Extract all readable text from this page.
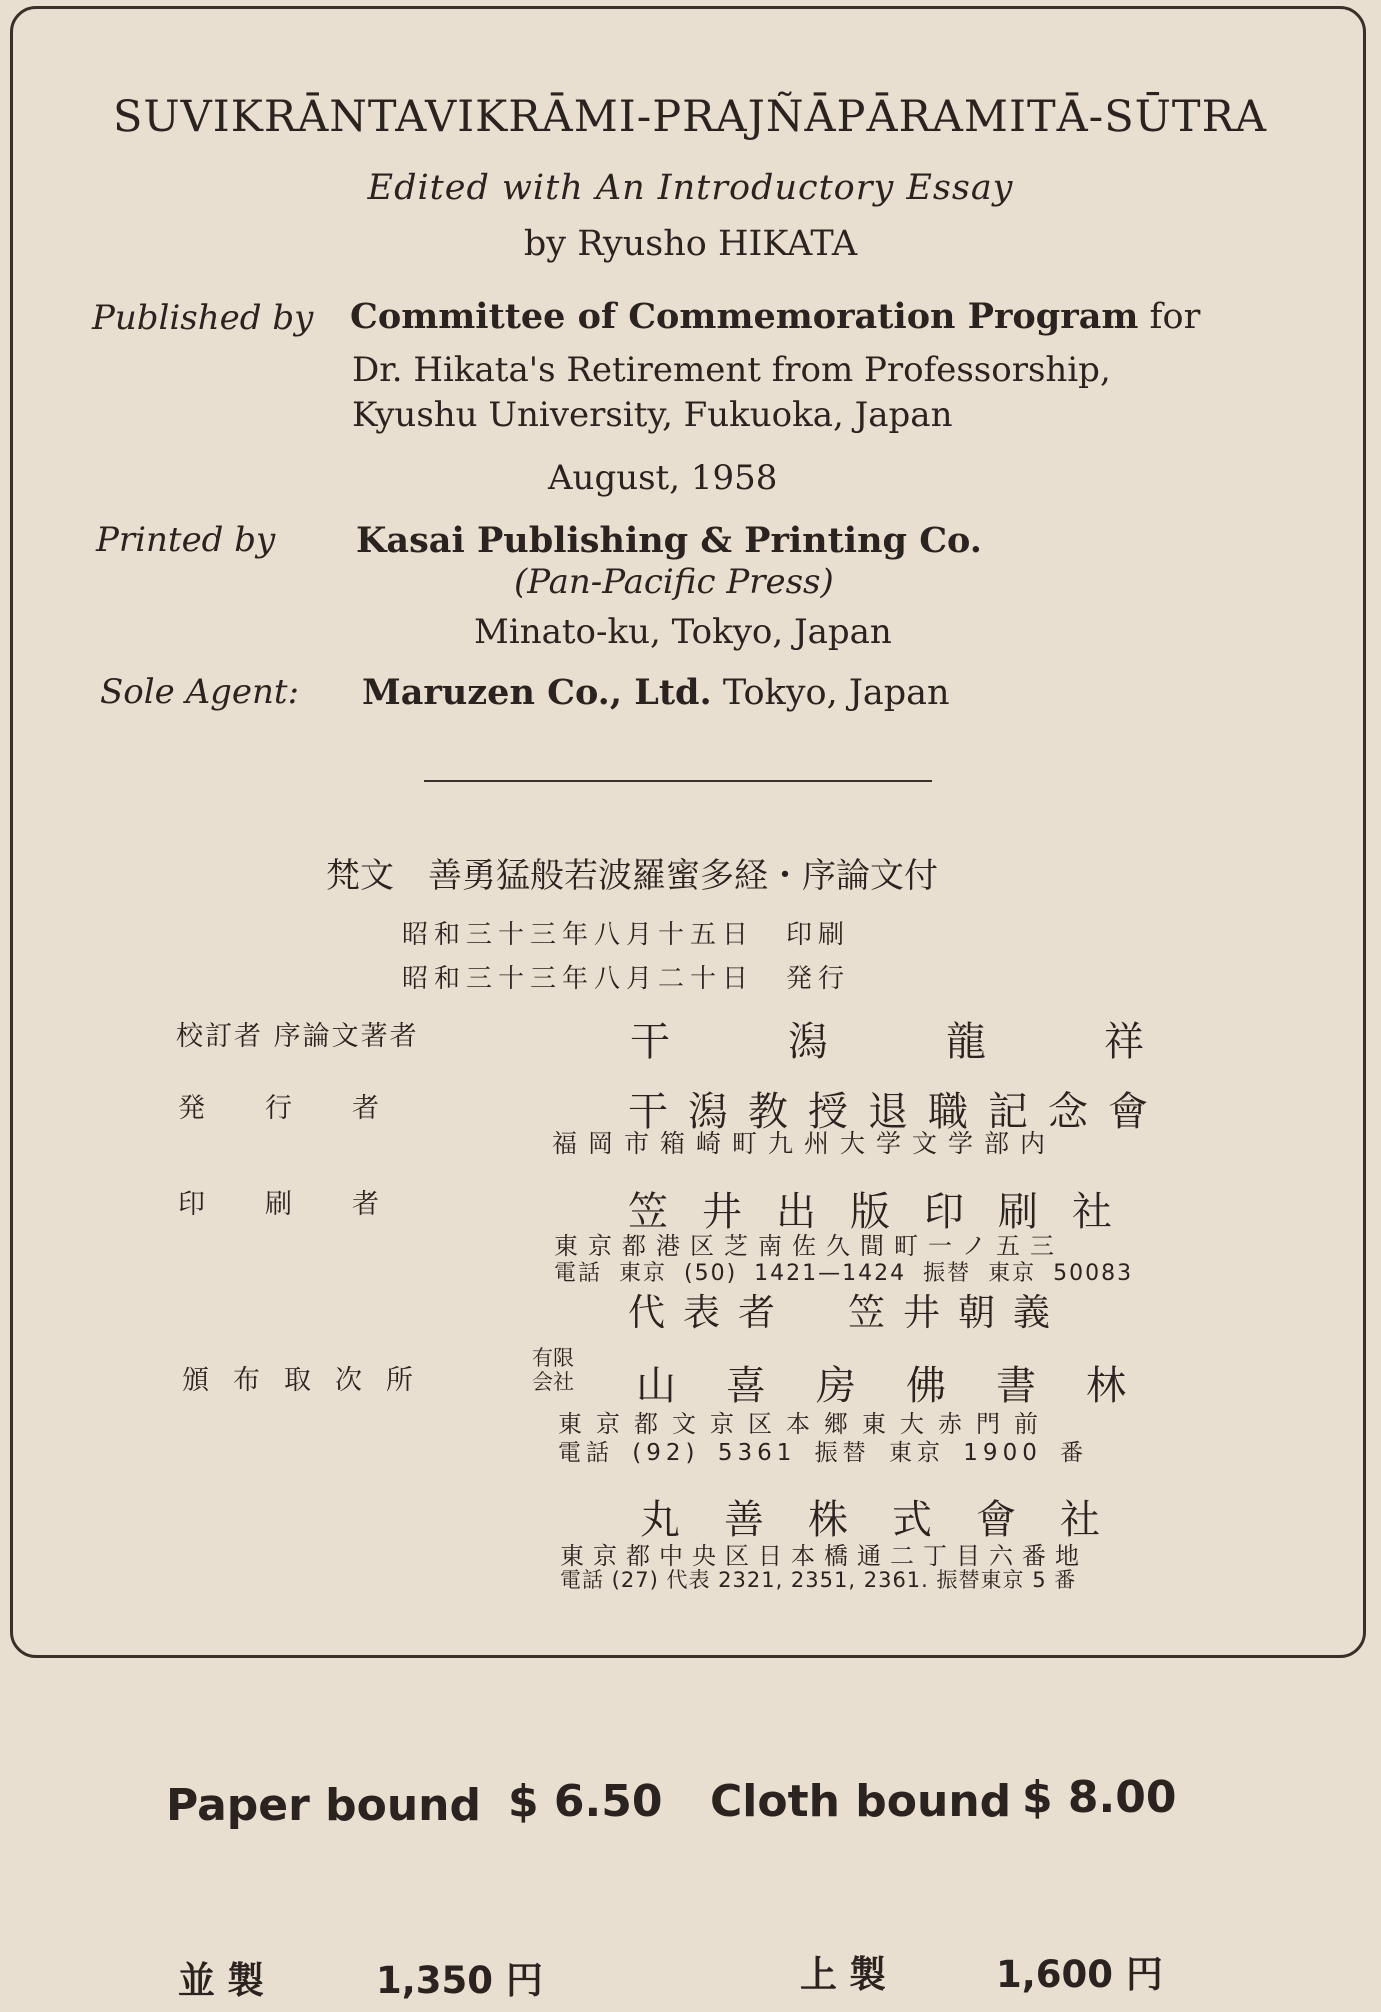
SUVIKRĀNTAVIKRĀMI-PRAJÑĀPĀRAMITĀ-SŪTRA
Edited with An Introductory Essay
by Ryusho HIKATA
Published by Committee of Commemoration Program for
Dr. Hikata's Retirement from Professorship,
Kyushu University, Fukuoka, Japan
August, 1958
Printed by Kasai Publishing & Printing Co.
(Pan-Pacific Press)
Minato-ku, Tokyo, Japan
Sole Agent: Maruzen Co., Ltd. Tokyo, Japan
梵文　善勇猛般若波羅蜜多経・序論文付
昭和三十三年八月十五日　印刷
昭和三十三年八月二十日　発行
校訂者 序論文著者	干潟龍祥
発行者	干潟教授退職記念會
福岡市箱崎町九州大学文学部内
印刷者	笠井出版印刷社
東京都港区芝南佐久間町一ノ五三
電話 東京 (50) 1421—1424 振替 東京 50083
代表者　笠井朝義
頒布取次所
有限会社	山喜房佛書林
東京都文京区本郷東大赤門前
電話 (92) 5361 振替 東京 1900 番
丸善株式會社
東京都中央区日本橋通二丁目六番地
電話 (27) 代表 2321, 2351, 2361. 振替東京 5 番
Paper bound $ 6.50 Cloth bound $ 8.00
並製	1,350 円	上製	1,600 円
